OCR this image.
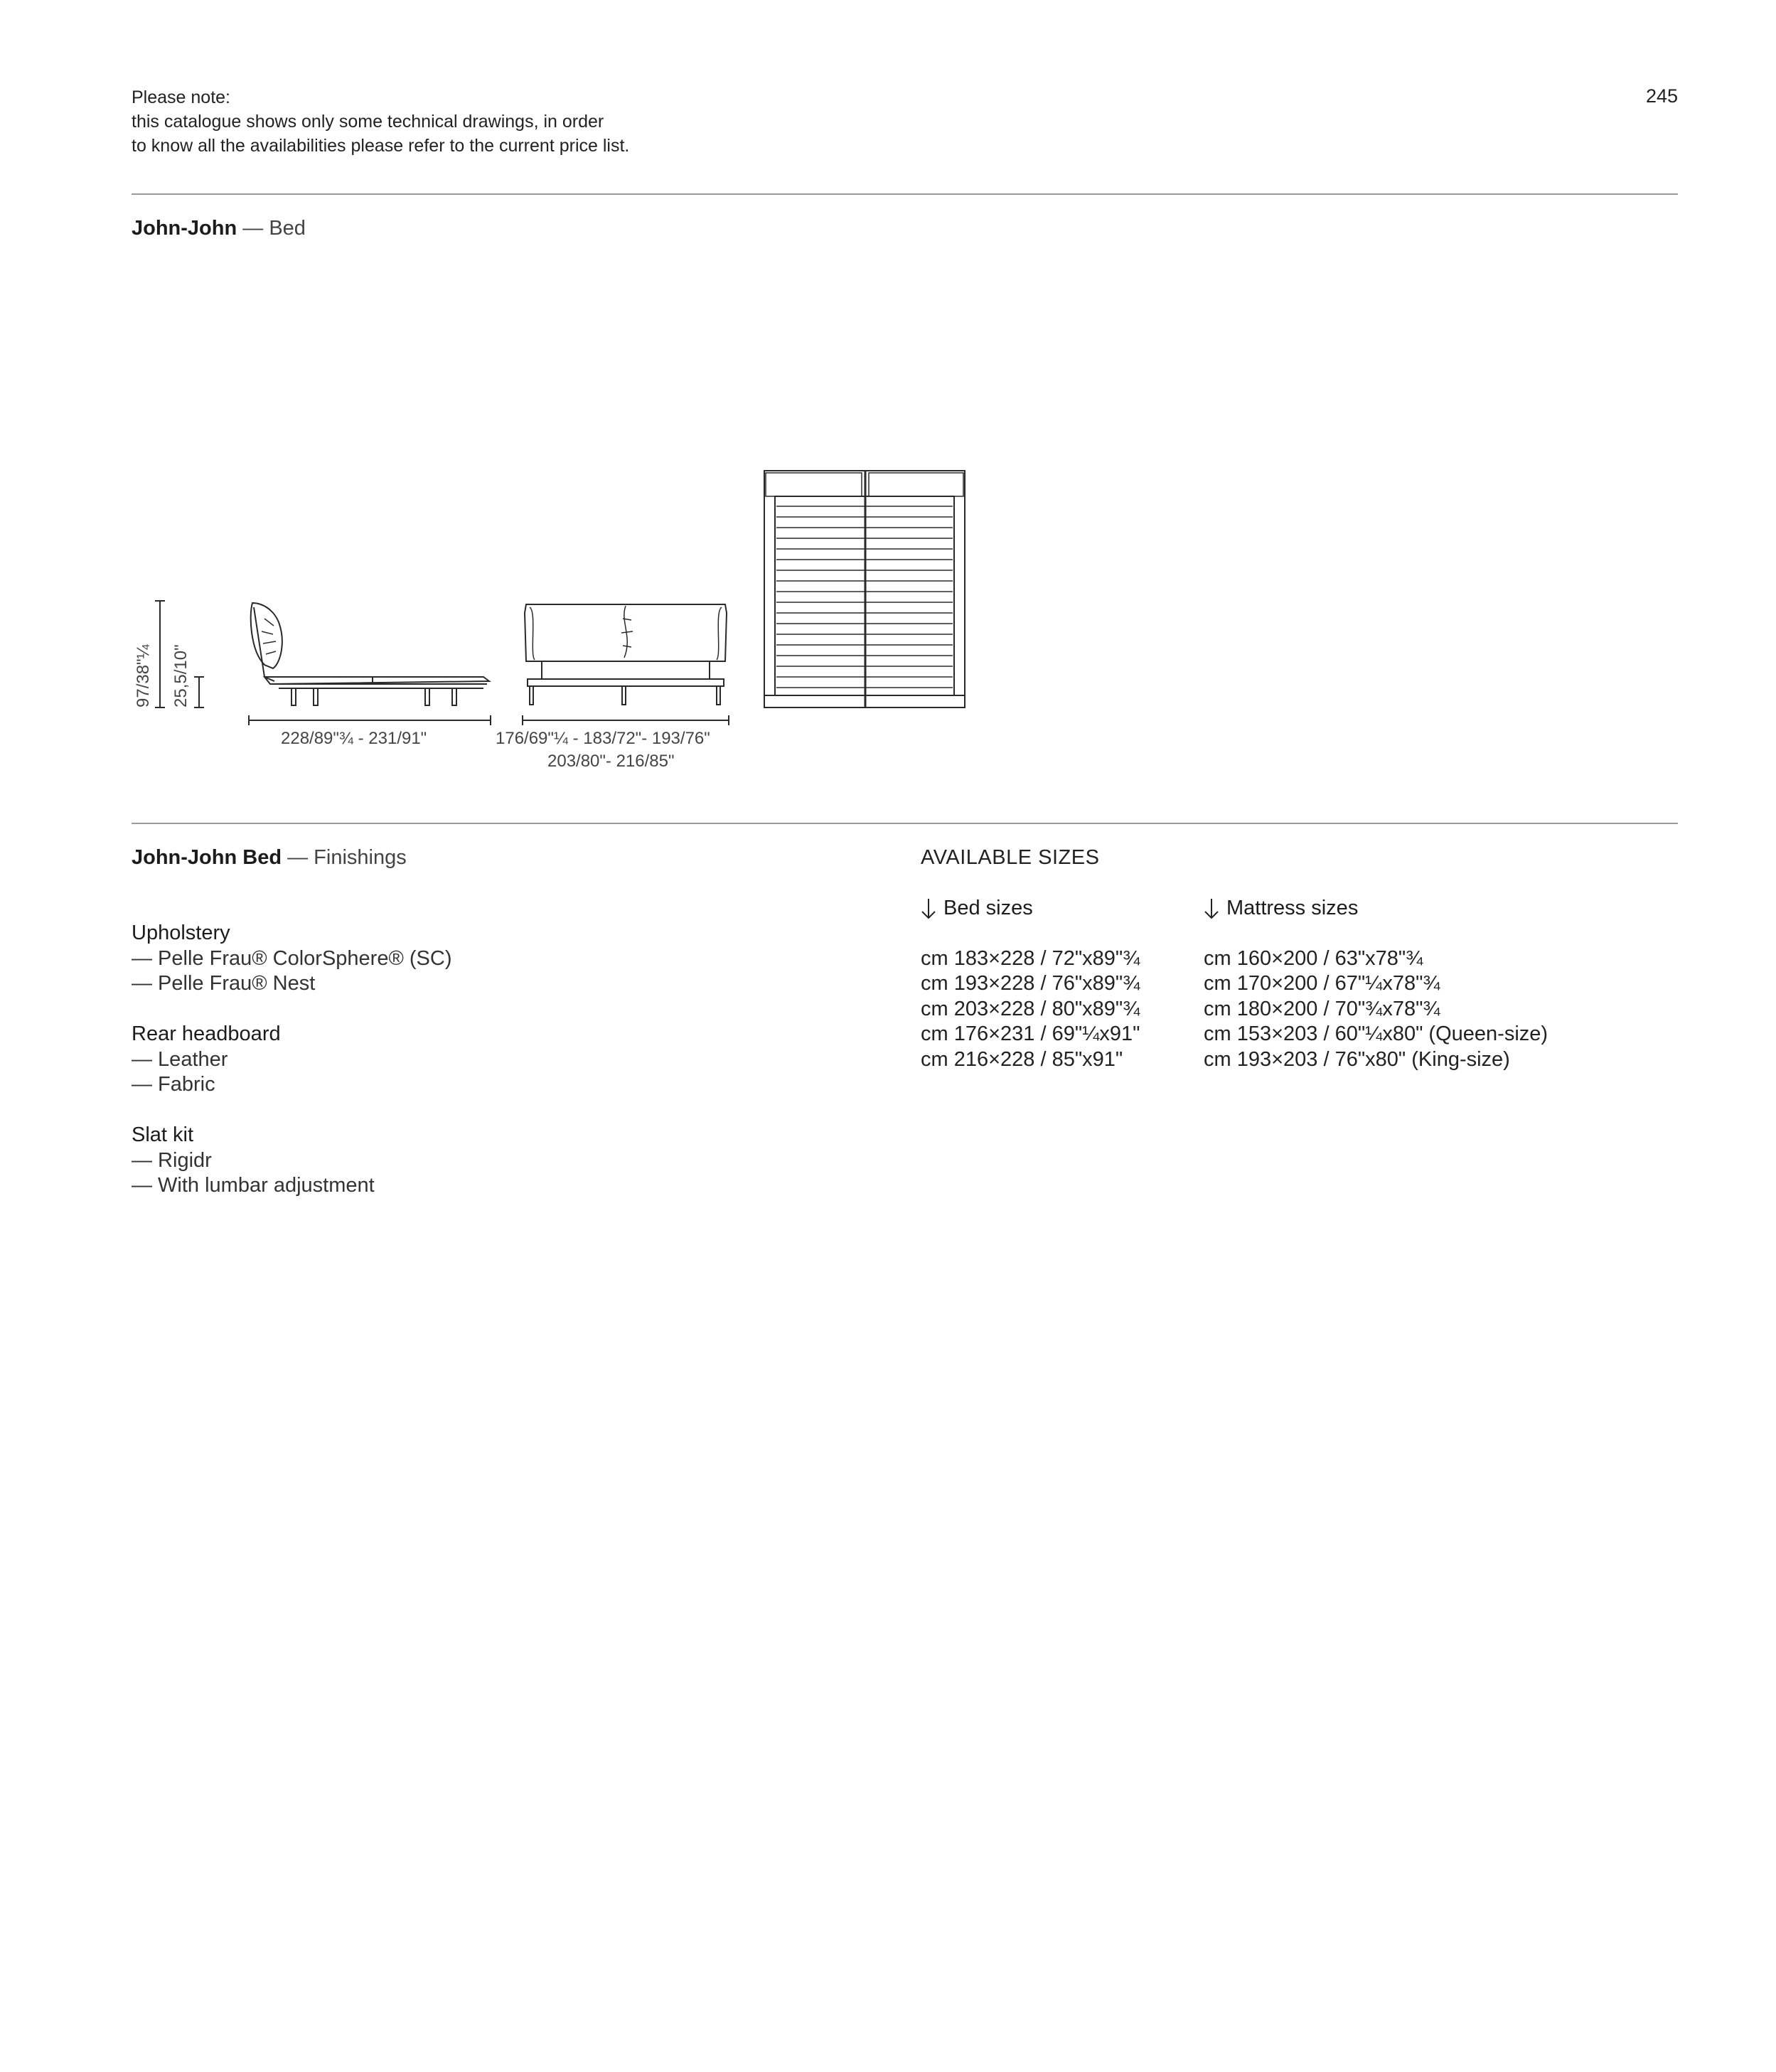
Please note:
this catalogue shows only some technical drawings, in order
to know all the availabilities please refer to the current price list.
245
John-John — Bed
97/38"¼ 25,5/10"
228/89"¾ - 231/91"	176/69"¼ - 183/72"- 193/76"
203/80"- 216/85"
John-John Bed — Finishings
Upholstery
— Pelle Frau® ColorSphere® (SC)
— Pelle Frau® Nest
Rear headboard
— Leather
— Fabric
Slat kit
— Rigidr
— With lumbar adjustment
AVAILABLE SIZES
Bed sizes
cm 183×228 / 72"x89"¾
cm 193×228 / 76"x89"¾
cm 203×228 / 80"x89"¾
cm 176×231 / 69"¼x91"
cm 216×228 / 85"x91"
Mattress sizes
cm 160×200 / 63"x78"¾
cm 170×200 / 67"¼x78"¾
cm 180×200 / 70"¾x78"¾
cm 153×203 / 60"¼x80" (Queen-size)
cm 193×203 / 76"x80" (King-size)
